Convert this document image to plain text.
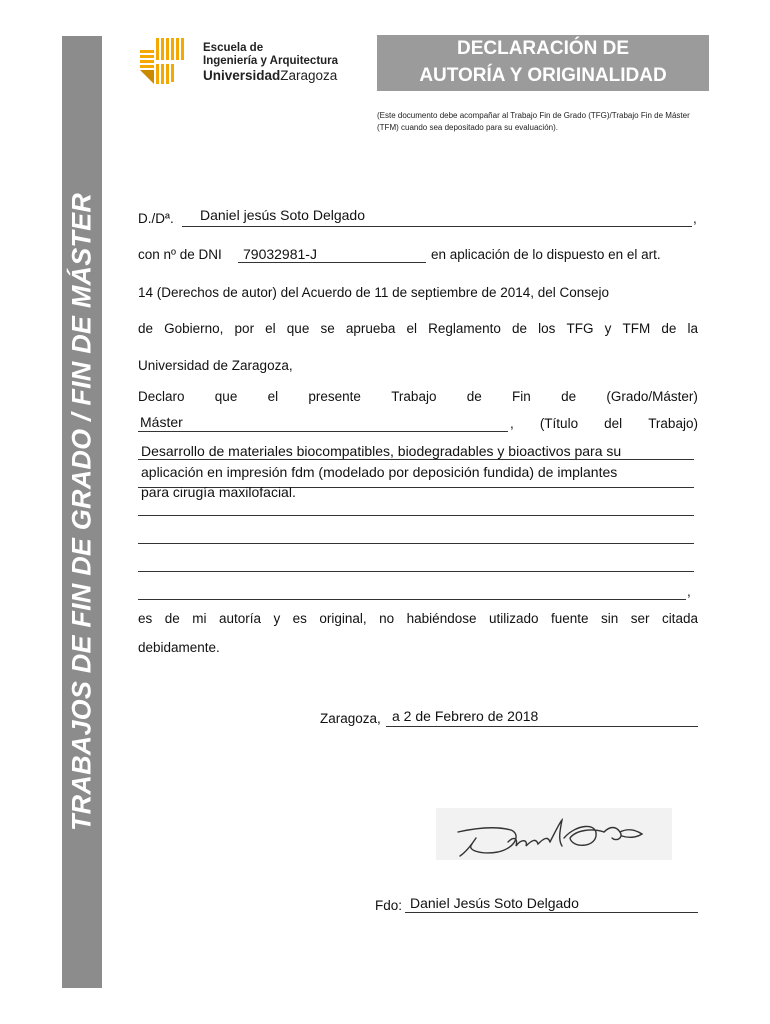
TRABAJOS DE FIN DE GRADO / FIN DE MÁSTER
Escuela de
Ingeniería y Arquitectura
UniversidadZaragoza
DECLARACIÓN DE
AUTORÍA Y ORIGINALIDAD
(Este documento debe acompañar al Trabajo Fin de Grado (TFG)/Trabajo Fin de Máster (TFM) cuando sea depositado para su evaluación).
D./Dª. Daniel jesús Soto Delgado	,
con nº de DNI 79032981-J	en aplicación de lo dispuesto en el art.
14 (Derechos de autor) del Acuerdo de 11 de septiembre de 2014, del Consejo
de Gobierno, por el que se aprueba el Reglamento de los TFG y TFM de la
Universidad de Zaragoza,
Declaro que el presente Trabajo de Fin de (Grado/Máster)
Máster	, (Título del Trabajo)
Desarrollo de materiales biocompatibles, biodegradables y bioactivos para su
aplicación en impresión fdm (modelado por deposición fundida) de implantes
para cirugía maxilofacial.
,
es de mi autoría y es original, no habiéndose utilizado fuente sin ser citada
debidamente.
Zaragoza, a 2 de Febrero de 2018
Fdo: Daniel Jesús Soto Delgado
